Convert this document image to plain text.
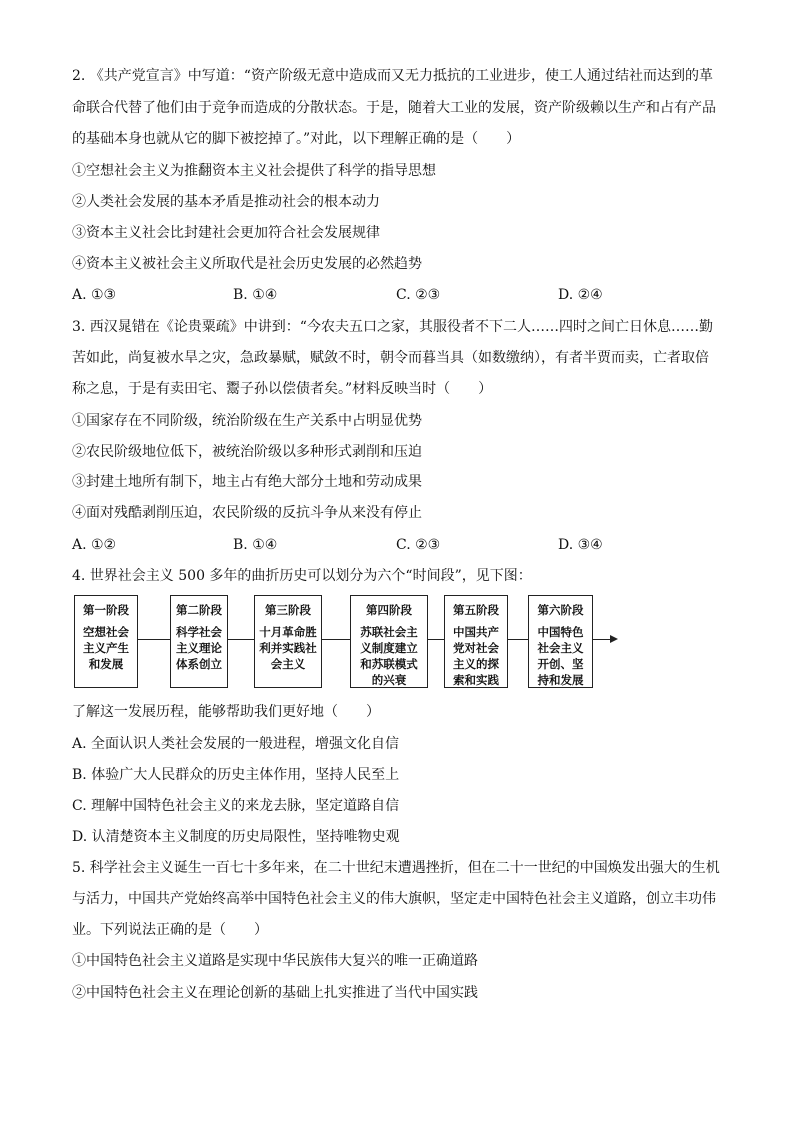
2. 《共产党宣言》中写道：“资产阶级无意中造成而又无力抵抗的工业进步，使工人通过结社而达到的革
命联合代替了他们由于竞争而造成的分散状态。于是，随着大工业的发展，资产阶级赖以生产和占有产品
的基础本身也就从它的脚下被挖掉了。”对此，以下理解正确的是（　　）
①空想社会主义为推翻资本主义社会提供了科学的指导思想
②人类社会发展的基本矛盾是推动社会的根本动力
③资本主义社会比封建社会更加符合社会发展规律
④资本主义被社会主义所取代是社会历史发展的必然趋势
A. ①③	B. ①④	C. ②③	D. ②④
3. 西汉晁错在《论贵粟疏》中讲到：“今农夫五口之家，其服役者不下二人……四时之间亡日休息……勤
苦如此，尚复被水旱之灾，急政暴赋，赋敛不时，朝令而暮当具（如数缴纳），有者半贾而卖，亡者取倍
称之息，于是有卖田宅、鬻子孙以偿债者矣。”材料反映当时（　　）
①国家存在不同阶级，统治阶级在生产关系中占明显优势
②农民阶级地位低下，被统治阶级以多种形式剥削和压迫
③封建土地所有制下，地主占有绝大部分土地和劳动成果
④面对残酷剥削压迫，农民阶级的反抗斗争从来没有停止
A. ①②	B. ①④	C. ②③	D. ③④
4. 世界社会主义 500 多年的曲折历史可以划分为六个“时间段”，见下图：
第一阶段
空想社会
主义产生
和发展
第二阶段
科学社会
主义理论
体系创立
第三阶段
十月革命胜
利并实践社
会主义
第四阶段
苏联社会主
义制度建立
和苏联模式
的兴衰
第五阶段
中国共产
党对社会
主义的探
索和实践
第六阶段
中国特色
社会主义
开创、坚
持和发展
了解这一发展历程，能够帮助我们更好地（　　）
A. 全面认识人类社会发展的一般进程，增强文化自信
B. 体验广大人民群众的历史主体作用，坚持人民至上
C. 理解中国特色社会主义的来龙去脉，坚定道路自信
D. 认清楚资本主义制度的历史局限性，坚持唯物史观
5. 科学社会主义诞生一百七十多年来，在二十世纪末遭遇挫折，但在二十一世纪的中国焕发出强大的生机
与活力，中国共产党始终高举中国特色社会主义的伟大旗帜，坚定走中国特色社会主义道路，创立丰功伟
业。下列说法正确的是（　　）
①中国特色社会主义道路是实现中华民族伟大复兴的唯一正确道路
②中国特色社会主义在理论创新的基础上扎实推进了当代中国实践
